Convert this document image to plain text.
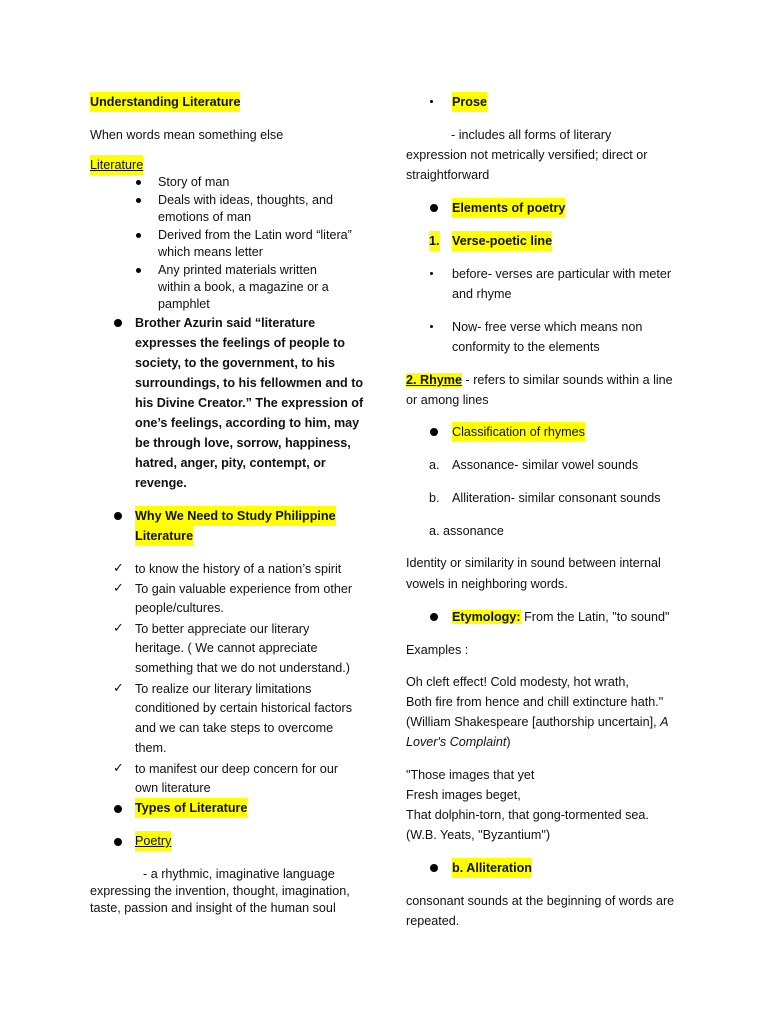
Understanding Literature
When words mean something else
Literature
Story of man
Deals with ideas, thoughts, and
emotions of man
Derived from the Latin word “litera”
which means letter
Any printed materials written
within a book, a magazine or a
pamphlet
Brother Azurin said “literature
expresses the feelings of people to
society, to the government, to his
surroundings, to his fellowmen and to
his Divine Creator.” The expression of
one’s feelings, according to him, may
be through love, sorrow, happiness,
hatred, anger, pity, contempt, or
revenge.
Why We Need to Study Philippine
Literature
✓ to know the history of a nation’s spirit
✓ To gain valuable experience from other
people/cultures.
✓ To better appreciate our literary
heritage. ( We cannot appreciate
something that we do not understand.)
✓ To realize our literary limitations
conditioned by certain historical factors
and we can take steps to overcome
them.
✓ to manifest our deep concern for our
own literature
Types of Literature
Poetry
- a rhythmic, imaginative language
expressing the invention, thought, imagination,
taste, passion and insight of the human soul
Prose
- includes all forms of literary
expression not metrically versified; direct or
straightforward
Elements of poetry
1. Verse-poetic line
before- verses are particular with meter
and rhyme
Now- free verse which means non
conformity to the elements
2. Rhyme - refers to similar sounds within a line
or among lines
Classification of rhymes
a. Assonance- similar vowel sounds
b. Alliteration- similar consonant sounds
a. assonance
Identity or similarity in sound between internal
vowels in neighboring words.
Etymology: From the Latin, "to sound"
Examples :
Oh cleft effect! Cold modesty, hot wrath,
Both fire from hence and chill extincture hath."
(William Shakespeare [authorship uncertain], A
Lover's Complaint)
"Those images that yet
Fresh images beget,
That dolphin-torn, that gong-tormented sea.
(W.B. Yeats, "Byzantium")
b. Alliteration
consonant sounds at the beginning of words are
repeated.
